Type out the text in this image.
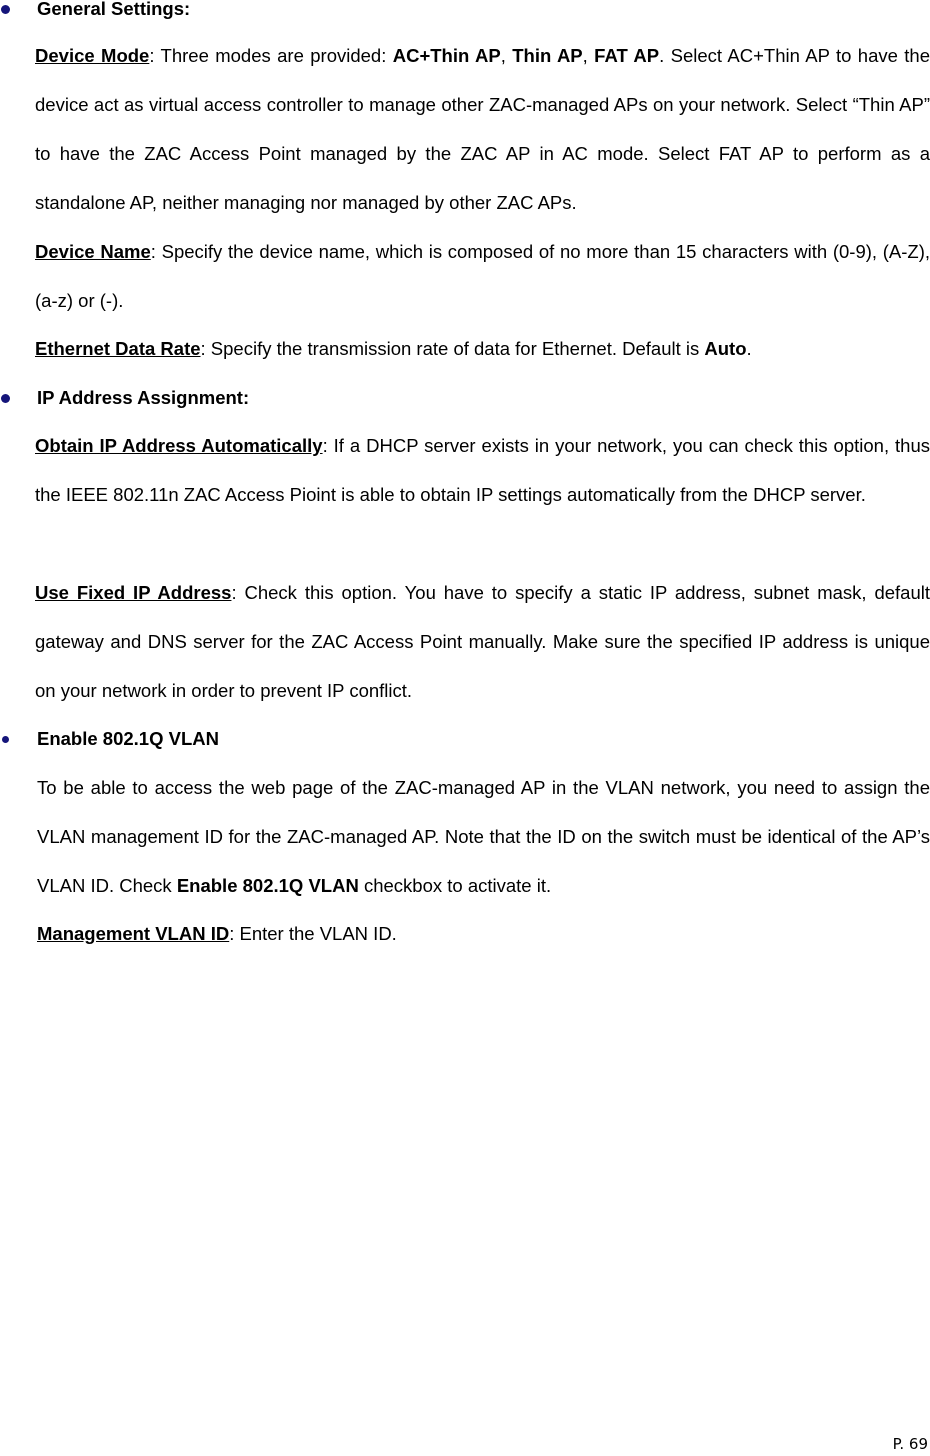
General Settings:

Device Mode: Three modes are provided: AC+Thin AP, Thin AP, FAT AP. Select AC+Thin AP to have the device act as virtual access controller to manage other ZAC-managed APs on your network. Select “Thin AP” to have the ZAC Access Point managed by the ZAC AP in AC mode. Select FAT AP to perform as a standalone AP, neither managing nor managed by other ZAC APs.

Device Name: Specify the device name, which is composed of no more than 15 characters with (0-9), (A-Z), (a-z) or (-).

Ethernet Data Rate: Specify the transmission rate of data for Ethernet. Default is Auto.

IP Address Assignment:

Obtain IP Address Automatically: If a DHCP server exists in your network, you can check this option, thus the IEEE 802.11n ZAC Access Pioint is able to obtain IP settings automatically from the DHCP server.

Use Fixed IP Address: Check this option. You have to specify a static IP address, subnet mask, default gateway and DNS server for the ZAC Access Point manually. Make sure the specified IP address is unique on your network in order to prevent IP conflict.

Enable 802.1Q VLAN

To be able to access the web page of the ZAC-managed AP in the VLAN network, you need to assign the VLAN management ID for the ZAC-managed AP. Note that the ID on the switch must be identical of the AP’s VLAN ID. Check Enable 802.1Q VLAN checkbox to activate it.

Management VLAN ID: Enter the VLAN ID.

P. 69
